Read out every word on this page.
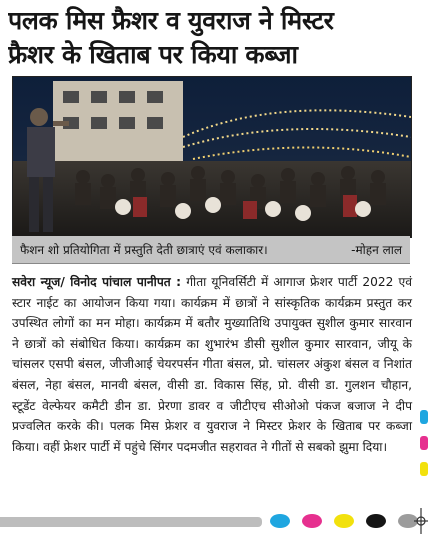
पलक मिस फ्रैशर व युवराज ने मिस्टर
फ्रैशर के खिताब पर किया कब्जा
फैशन शो प्रतियोगिता में प्रस्तुति देती छात्राएं एवं कलाकार।	-मोहन लाल
सवेरा न्यूज/ विनोद पांचाल पानीपत : गीता यूनिवर्सिटी में आगाज फ्रेशर पार्टी 2022 एवं स्टार नाईट का आयोजन किया गया। कार्यक्रम में छात्रों ने सांस्कृतिक कार्यक्रम प्रस्तुत कर उपस्थित लोगों का मन मोहा। कार्यक्रम में बतौर मुख्यातिथि उपायुक्त सुशील कुमार सारवान ने छात्रों को संबोधित किया। कार्यक्रम का शुभारंभ डीसी सुशील कुमार सारवान, जीयू के चांसलर एसपी बंसल, जीजीआई चेयरपर्सन गीता बंसल, प्रो. चांसलर अंकुश बंसल व निशांत बंसल, नेहा बंसल, मानवी बंसल, वीसी डा. विकास सिंह, प्रो. वीसी डा. गुलशन चौहान, स्टूडेंट वेल्फेयर कमैटी डीन डा. प्रेरणा डावर व जीटीएच सीओओ पंकज बजाज ने दीप प्रज्वलित करके की। पलक मिस फ्रेशर व युवराज ने मिस्टर फ्रेशर के खिताब पर कब्जा किया। वहीं फ्रेशर पार्टी में पहुंचे सिंगर पदमजीत सहरावत ने गीतों से सबको झुमा दिया।
